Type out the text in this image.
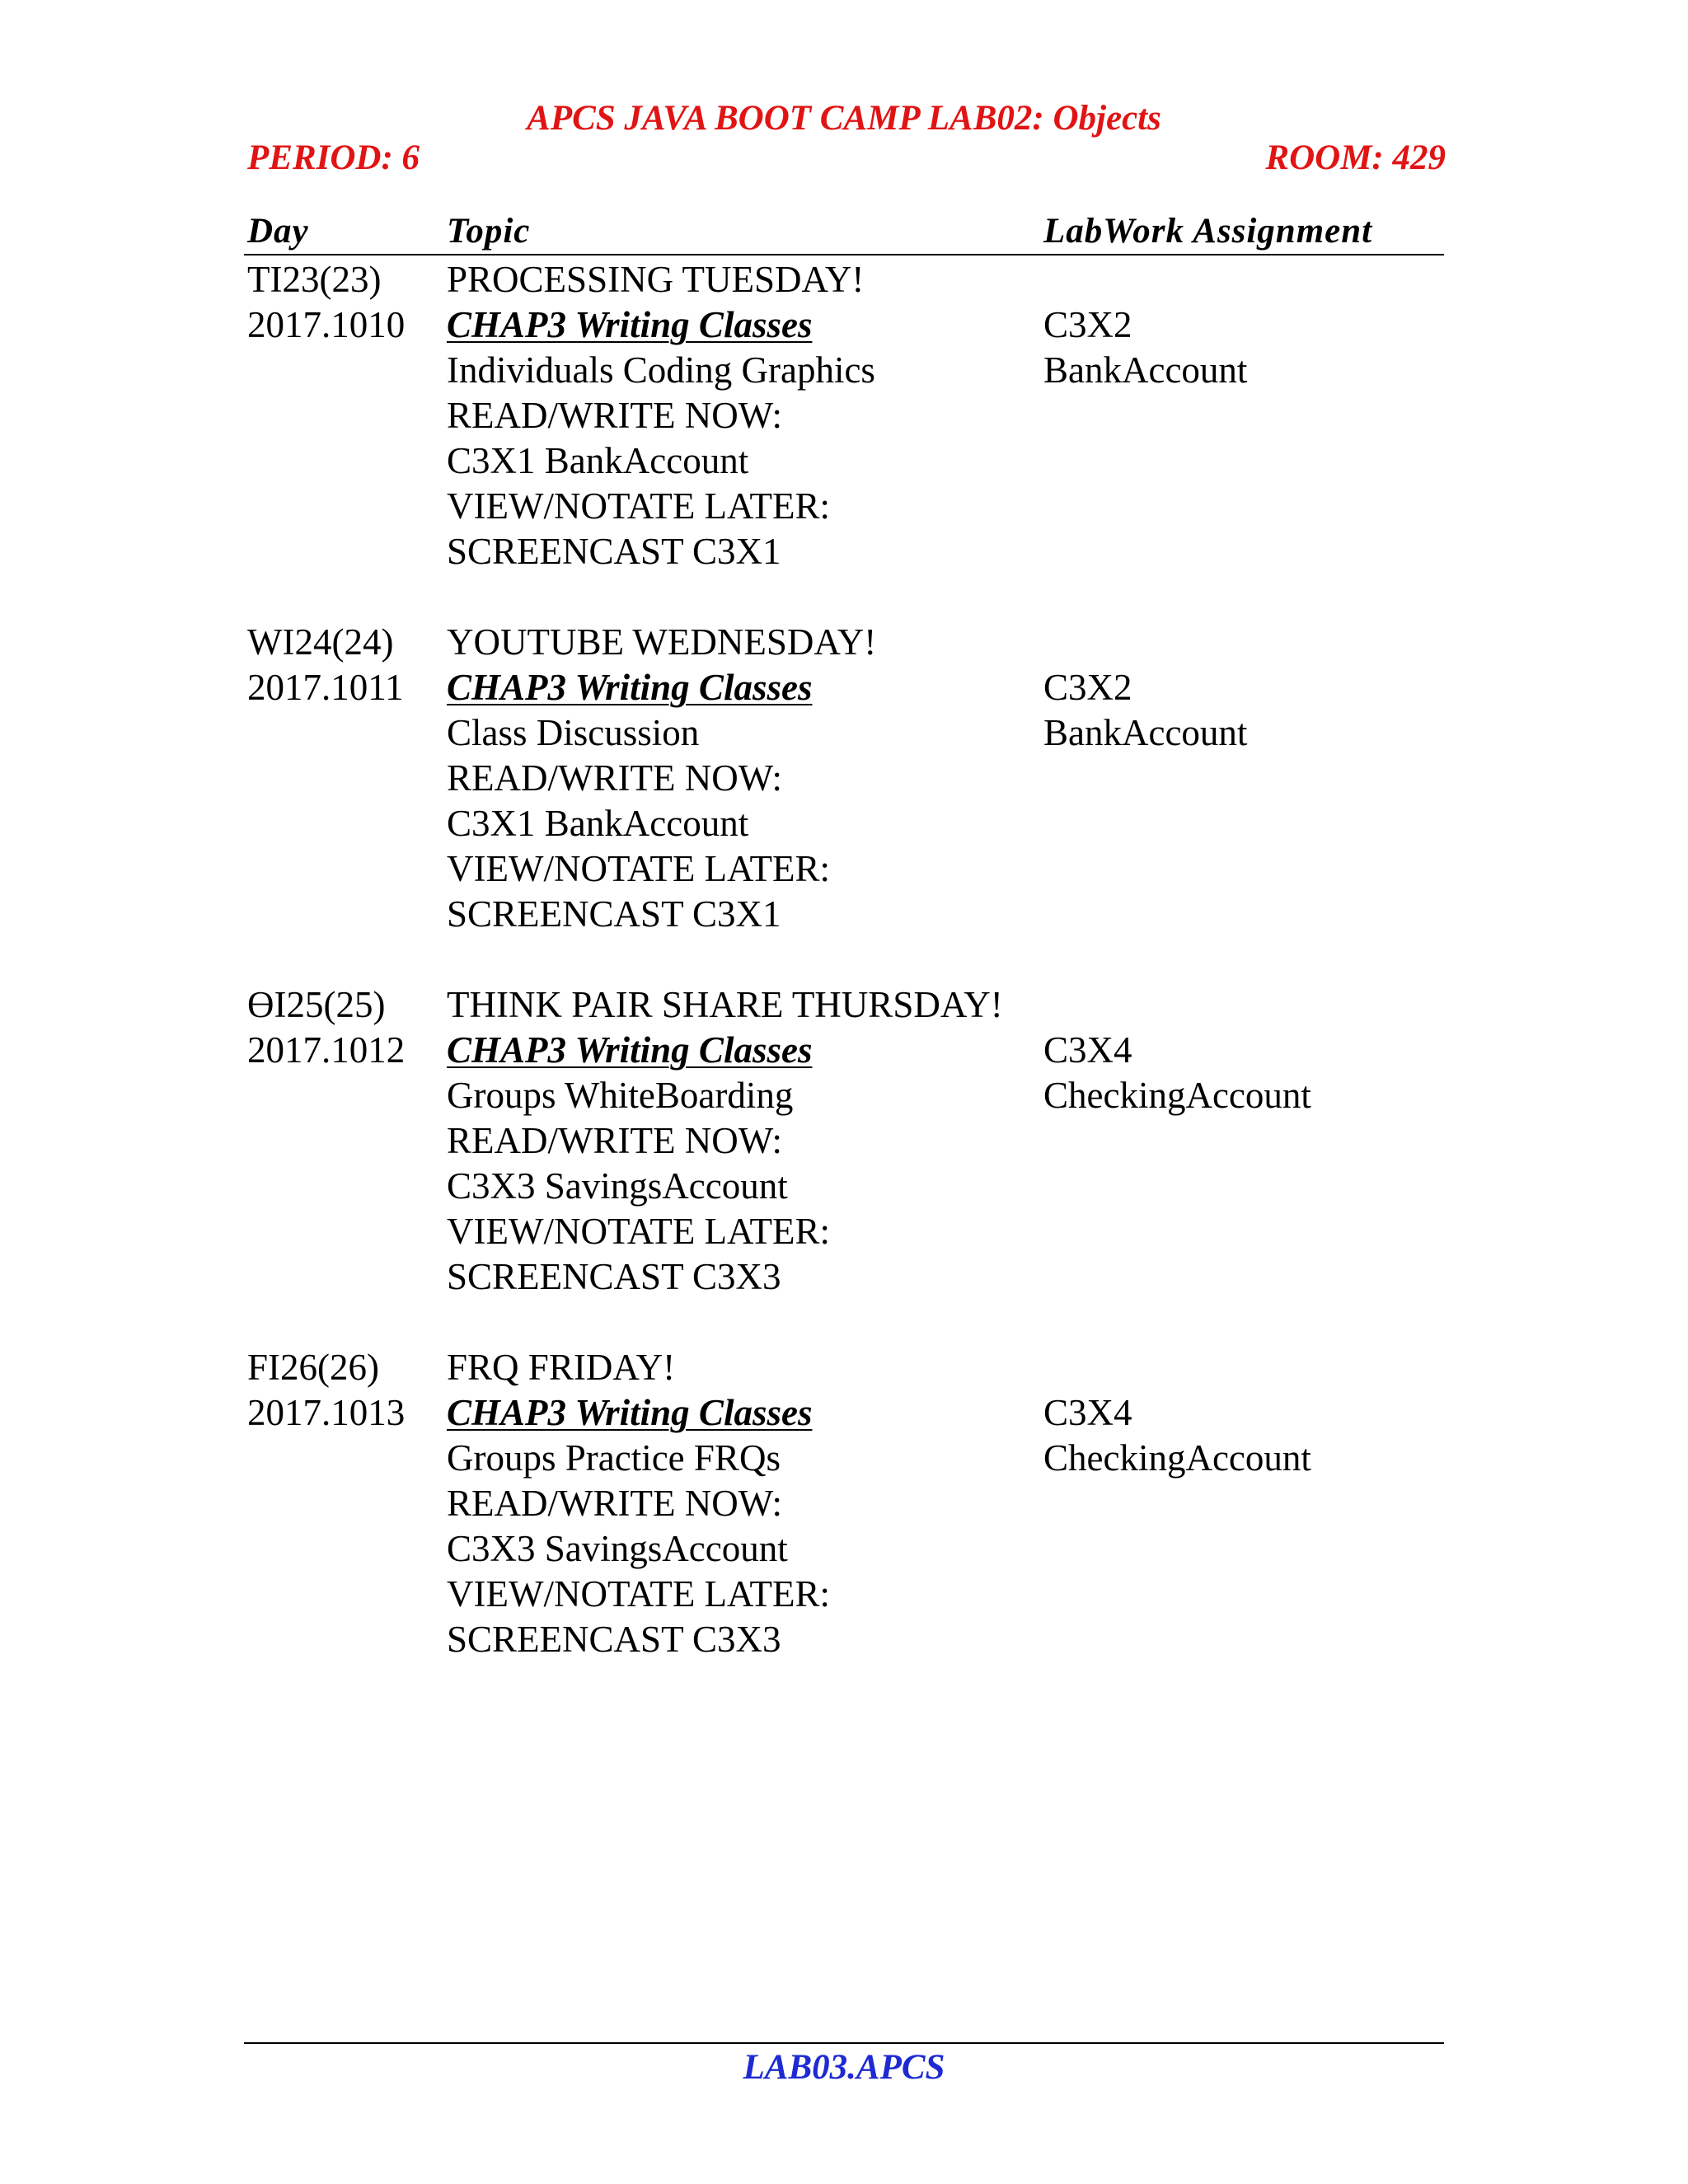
APCS JAVA BOOT CAMP LAB02: Objects
PERIOD: 6	ROOM: 429
Day	Topic	LabWork Assignment
TI23(23) PROCESSING TUESDAY!
2017.1010 CHAP3 Writing Classes	C3X2
Individuals Coding Graphics	BankAccount
READ/WRITE NOW:
C3X1 BankAccount
VIEW/NOTATE LATER:
SCREENCAST C3X1
WI24(24) YOUTUBE WEDNESDAY!
2017.1011 CHAP3 Writing Classes	C3X2
Class Discussion	BankAccount
READ/WRITE NOW:
C3X1 BankAccount
VIEW/NOTATE LATER:
SCREENCAST C3X1
ϴI25(25) THINK PAIR SHARE THURSDAY!
2017.1012 CHAP3 Writing Classes	C3X4
Groups WhiteBoarding	CheckingAccount
READ/WRITE NOW:
C3X3 SavingsAccount
VIEW/NOTATE LATER:
SCREENCAST C3X3
FI26(26) FRQ FRIDAY!
2017.1013 CHAP3 Writing Classes	C3X4
Groups Practice FRQs	CheckingAccount
READ/WRITE NOW:
C3X3 SavingsAccount
VIEW/NOTATE LATER:
SCREENCAST C3X3
LAB03.APCS
